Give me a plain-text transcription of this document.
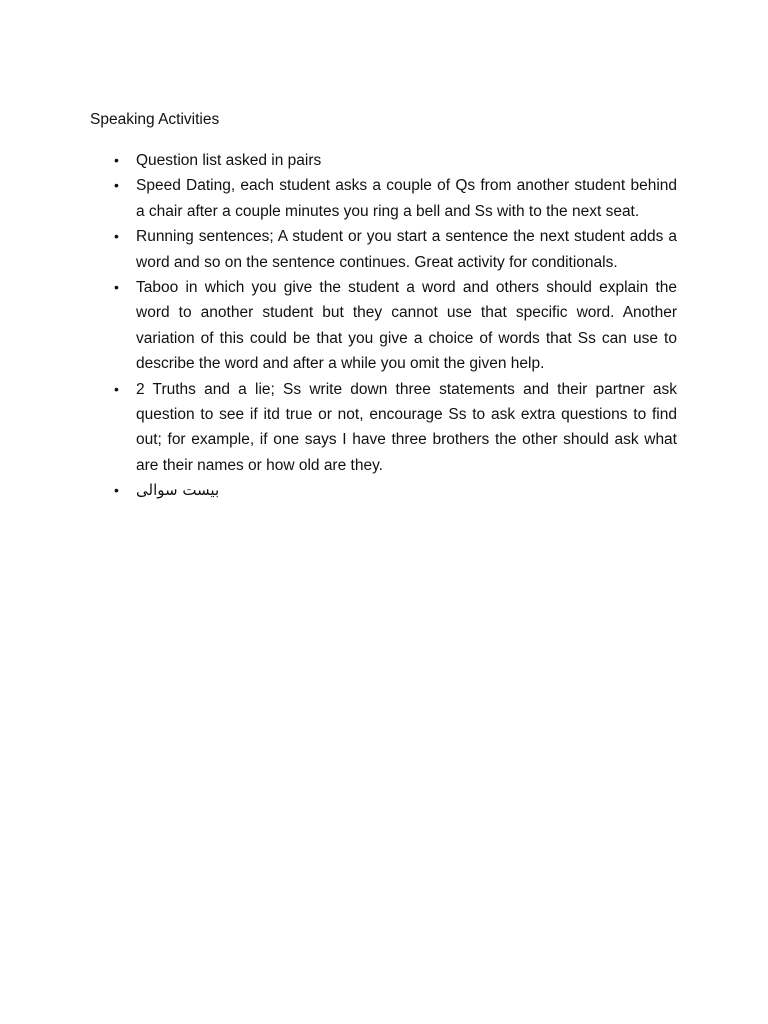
Speaking Activities
• Question list asked in pairs
• Speed Dating, each student asks a couple of Qs from another student behind a chair after a couple minutes you ring a bell and Ss with to the next seat.
• Running sentences; A student or you start a sentence the next student adds a word and so on the sentence continues. Great activity for conditionals.
• Taboo in which you give the student a word and others should explain the word to another student but they cannot use that specific word. Another variation of this could be that you give a choice of words that Ss can use to describe the word and after a while you omit the given help.
• 2 Truths and a lie; Ss write down three statements and their partner ask question to see if itd true or not, encourage Ss to ask extra questions to find out; for example, if one says I have three brothers the other should ask what are their names or how old are they.
• بیست سوالی
